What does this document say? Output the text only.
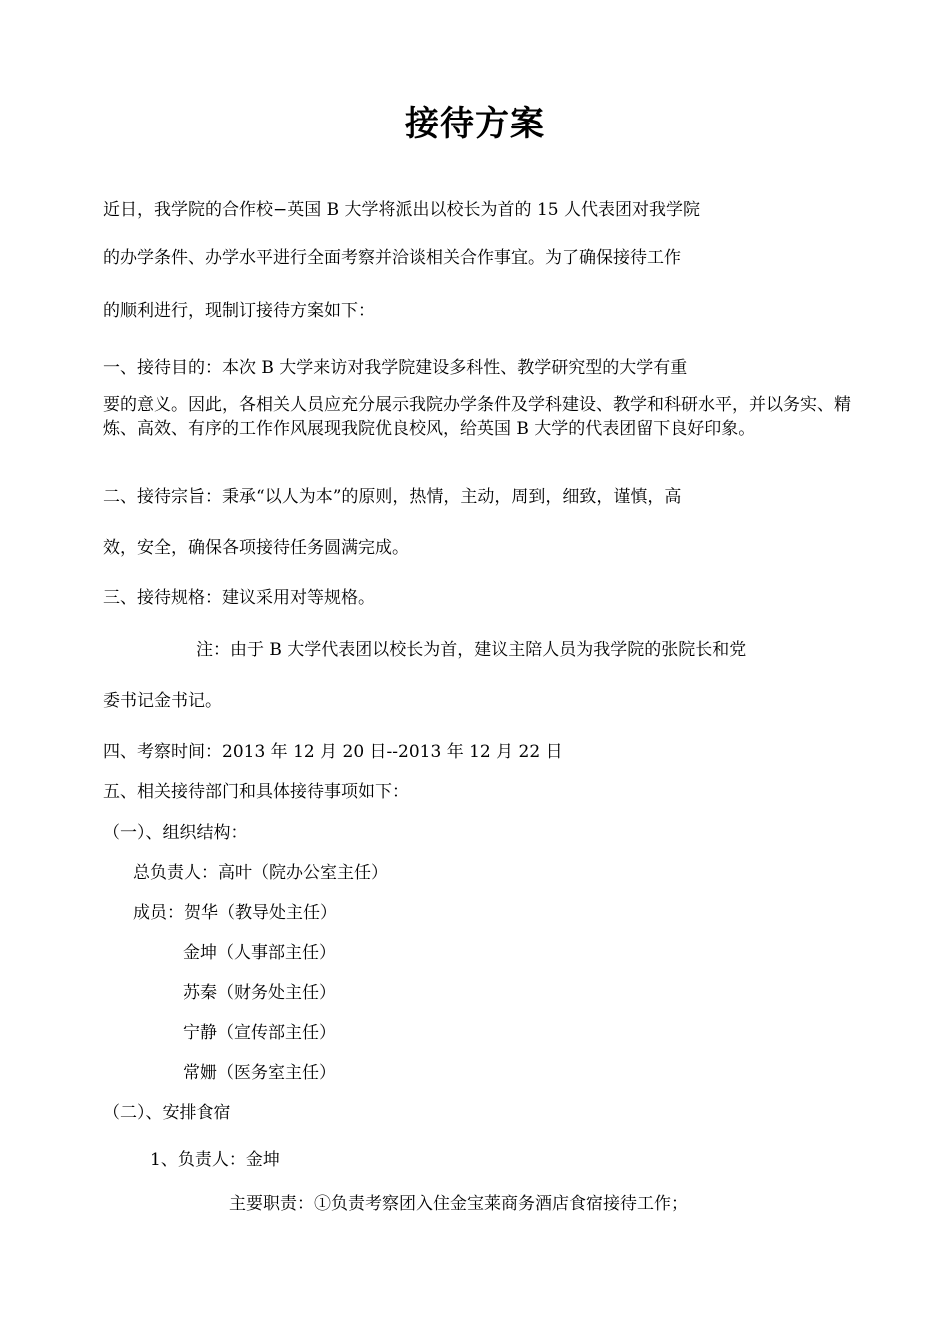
接待方案
近日，我学院的合作校−英国 B 大学将派出以校长为首的 15 人代表团对我学院
的办学条件、办学水平进行全面考察并洽谈相关合作事宜。为了确保接待工作
的顺利进行，现制订接待方案如下：
一、接待目的：本次 B 大学来访对我学院建设多科性、教学研究型的大学有重
要的意义。因此，各相关人员应充分展示我院办学条件及学科建设、教学和科研水平，并以务实、精炼、高效、有序的工作作风展现我院优良校风，给英国 B 大学的代表团留下良好印象。
二、接待宗旨：秉承“以人为本”的原则，热情，主动，周到，细致，谨慎，高
效，安全，确保各项接待任务圆满完成。
三、接待规格：建议采用对等规格。
注：由于 B 大学代表团以校长为首，建议主陪人员为我学院的张院长和党
委书记金书记。
四、考察时间：2013 年 12 月 20 日--2013 年 12 月 22 日
五、相关接待部门和具体接待事项如下：
（一）、组织结构：
总负责人：高叶（院办公室主任）
成员：贺华（教导处主任）
金坤（人事部主任）
苏秦（财务处主任）
宁静（宣传部主任）
常姗（医务室主任）
（二）、安排食宿
1、负责人：金坤
主要职责：①负责考察团入住金宝莱商务酒店食宿接待工作；
